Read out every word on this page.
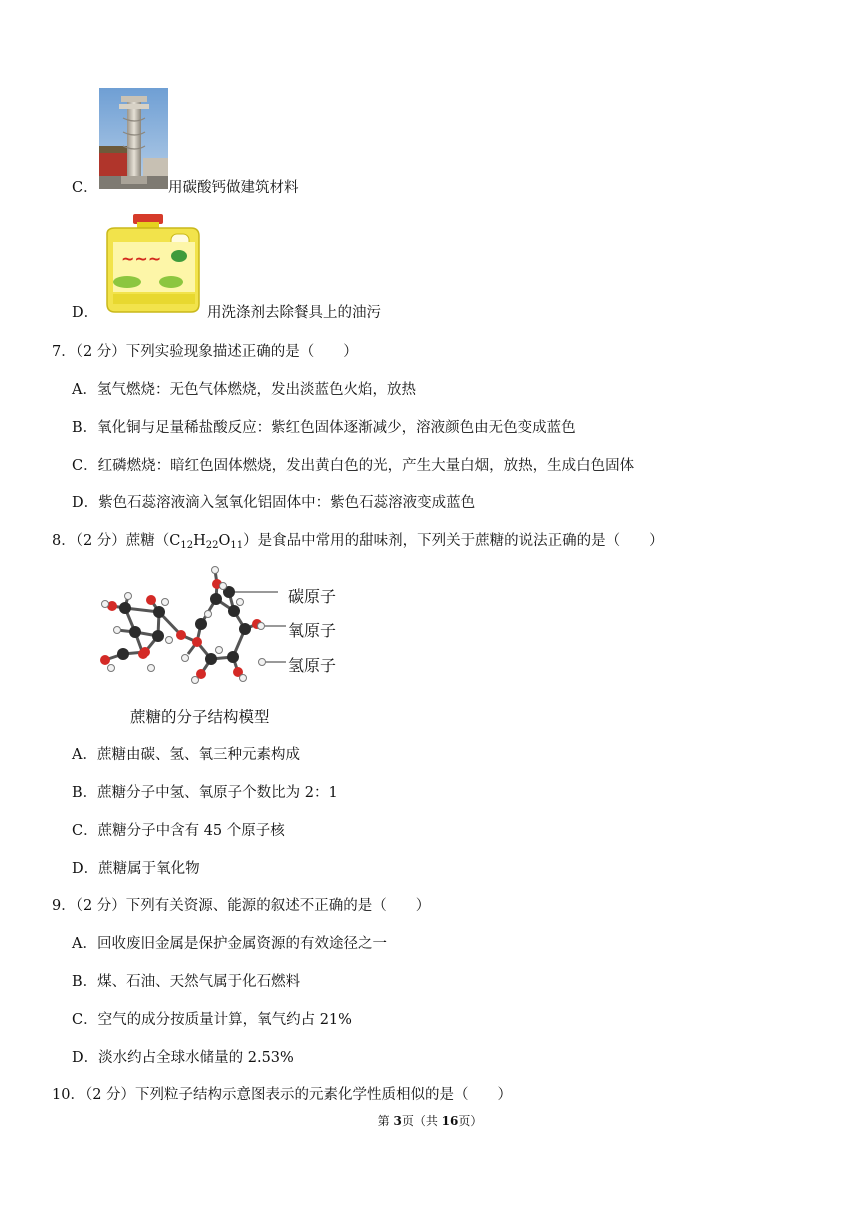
C．	用碳酸钙做建筑材料
D．
~~~
用洗涤剂去除餐具上的油污
7．（2 分）下列实验现象描述正确的是（　　）
A．氢气燃烧：无色气体燃烧，发出淡蓝色火焰，放热
B．氧化铜与足量稀盐酸反应：紫红色固体逐渐减少，溶液颜色由无色变成蓝色
C．红磷燃烧：暗红色固体燃烧，发出黄白色的光，产生大量白烟，放热，生成白色固体
D．紫色石蕊溶液滴入氢氧化铝固体中：紫色石蕊溶液变成蓝色
8．（2 分）蔗糖$(C_{12}H_{22}O_{11})$是食品中常用的甜味剂，下列关于蔗糖的说法正确的是（　　）
碳原子
氧原子
氢原子
蔗糖的分子结构模型
A．蔗糖由碳、氢、氧三种元素构成
B．蔗糖分子中氢、氧原子个数比为 2：1
C．蔗糖分子中含有 45 个原子核
D．蔗糖属于氧化物
9．（2 分）下列有关资源、能源的叙述不正确的是（　　）
A．回收废旧金属是保护金属资源的有效途径之一
B．煤、石油、天然气属于化石燃料
C．空气的成分按质量计算，氧气约占 21%
D．淡水约占全球水储量的 2.53%
10．（2 分）下列粒子结构示意图表示的元素化学性质相似的是（　　）
第 3页（共 16页）
